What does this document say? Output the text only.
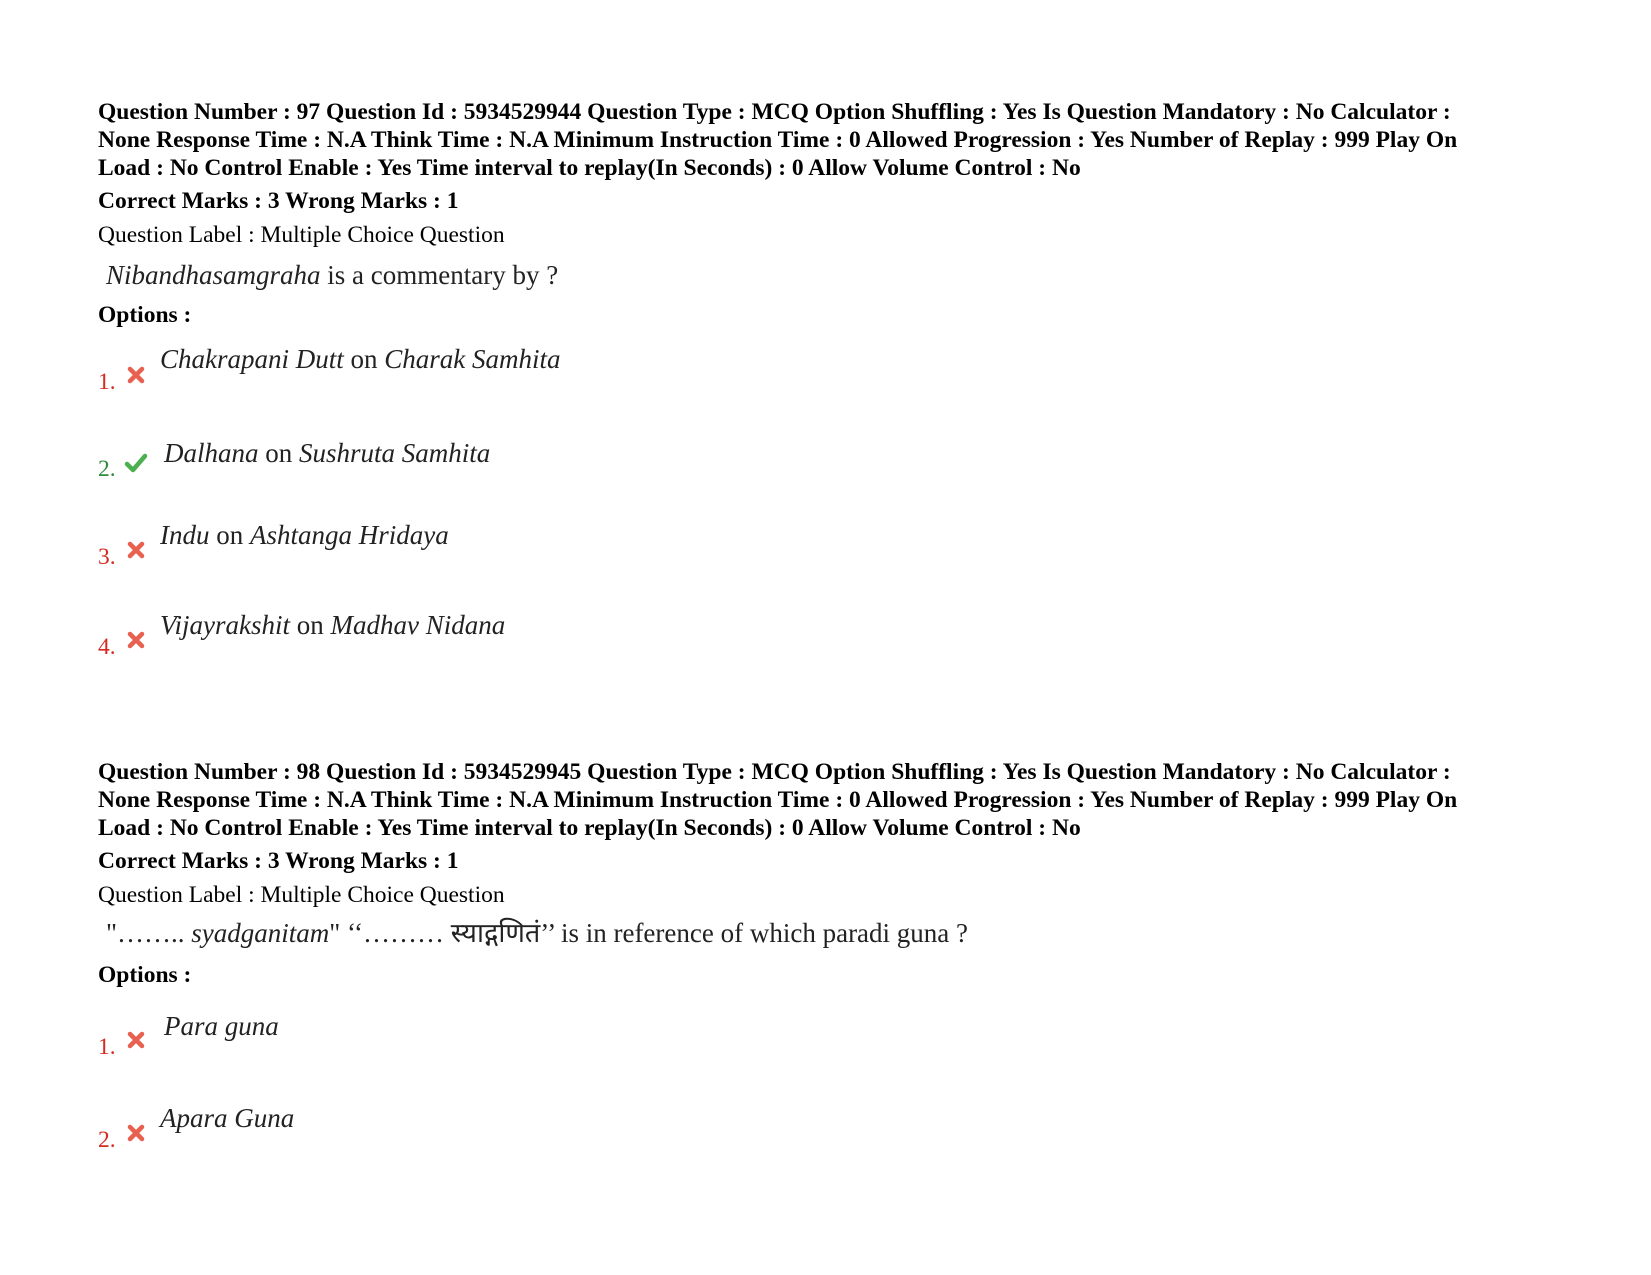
Question Number : 97 Question Id : 5934529944 Question Type : MCQ Option Shuffling : Yes Is Question Mandatory : No Calculator :
None Response Time : N.A Think Time : N.A Minimum Instruction Time : 0 Allowed Progression : Yes Number of Replay : 999 Play On
Load : No Control Enable : Yes Time interval to replay(In Seconds) : 0 Allow Volume Control : No
Correct Marks : 3 Wrong Marks : 1
Question Label : Multiple Choice Question
Nibandhasamgraha is a commentary by ?
Options :
1.
Chakrapani Dutt on Charak Samhita
2.
Dalhana on Sushruta Samhita
3.
Indu on Ashtanga Hridaya
4.
Vijayrakshit on Madhav Nidana
Question Number : 98 Question Id : 5934529945 Question Type : MCQ Option Shuffling : Yes Is Question Mandatory : No Calculator :
None Response Time : N.A Think Time : N.A Minimum Instruction Time : 0 Allowed Progression : Yes Number of Replay : 999 Play On
Load : No Control Enable : Yes Time interval to replay(In Seconds) : 0 Allow Volume Control : No
Correct Marks : 3 Wrong Marks : 1
Question Label : Multiple Choice Question
"…….. syadganitam" ‘‘……… स्याद्गणितं’’ is in reference of which paradi guna ?
Options :
1.
Para guna
2.
Apara Guna
